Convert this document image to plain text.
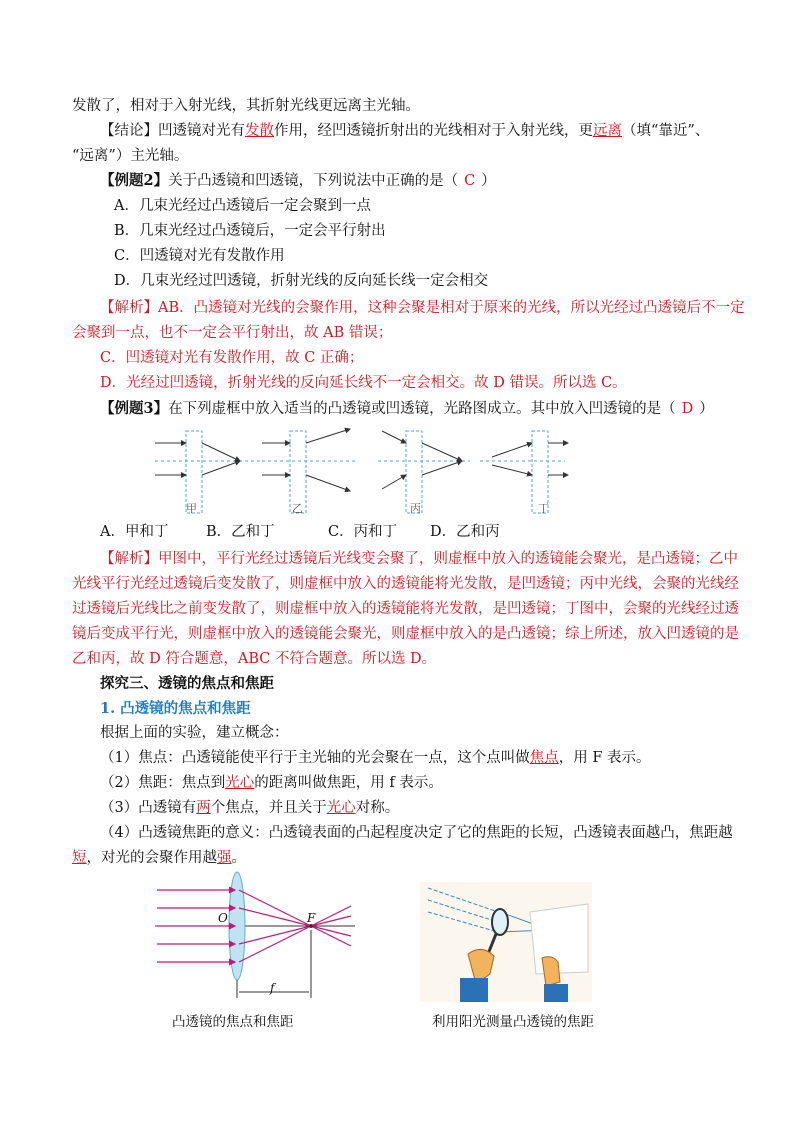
发散了，相对于入射光线，其折射光线更远离主光轴。
【结论】凹透镜对光有发散作用，经凹透镜折射出的光线相对于入射光线，更远离（填“靠近”、
“远离”）主光轴。
【例题2】关于凸透镜和凹透镜，下列说法中正确的是（ C ）
A．几束光经过凸透镜后一定会聚到一点
B．几束光经过凸透镜后，一定会平行射出
C．凹透镜对光有发散作用
D．几束光经过凹透镜，折射光线的反向延长线一定会相交
【解析】AB．凸透镜对光线的会聚作用，这种会聚是相对于原来的光线，所以光经过凸透镜后不一定
会聚到一点，也不一定会平行射出，故 AB 错误；
C．凹透镜对光有发散作用，故 C 正确；
D．光经过凹透镜，折射光线的反向延长线不一定会相交。故 D 错误。所以选 C。
【例题3】在下列虚框中放入适当的凸透镜或凹透镜，光路图成立。其中放入凹透镜的是（ D ）
甲	乙	丙	丁
A．甲和丁	B．乙和丁	C．丙和丁 D．乙和丙
【解析】甲图中，平行光经过透镜后光线变会聚了，则虚框中放入的透镜能会聚光，是凸透镜；乙中
光线平行光经过透镜后变发散了，则虚框中放入的透镜能将光发散，是凹透镜；丙中光线，会聚的光线经
过透镜后光线比之前变发散了，则虚框中放入的透镜能将光发散，是凹透镜；丁图中，会聚的光线经过透
镜后变成平行光，则虚框中放入的透镜能会聚光，则虚框中放入的是凸透镜；综上所述，放入凹透镜的是
乙和丙，故 D 符合题意，ABC 不符合题意。所以选 D。
探究三、透镜的焦点和焦距
1. 凸透镜的焦点和焦距
根据上面的实验，建立概念：
（1）焦点：凸透镜能使平行于主光轴的光会聚在一点，这个点叫做焦点，用 F 表示。
（2）焦距：焦点到光心的距离叫做焦距，用 f 表示。
（3）凸透镜有两个焦点，并且关于光心对称。
（4）凸透镜焦距的意义：凸透镜表面的凸起程度决定了它的焦距的长短，凸透镜表面越凸，焦距越
短，对光的会聚作用越强。
O	F
f
凸透镜的焦点和焦距	利用阳光测量凸透镜的焦距
